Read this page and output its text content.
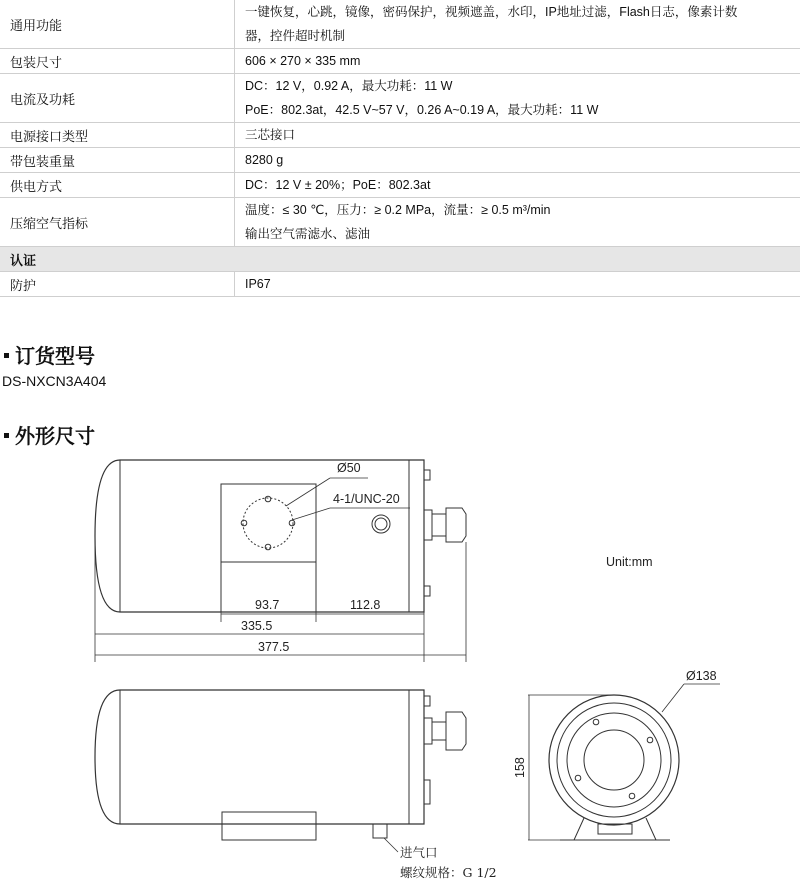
通用功能	一键恢复，心跳，镜像，密码保护，视频遮盖，水印，IP地址过滤，Flash日志，像素计数
器，控件超时机制

包装尺寸	606 × 270 × 335 mm

电流及功耗	DC：12 V，0.92 A，最大功耗：11 W
PoE：802.3at，42.5 V~57 V，0.26 A~0.19 A，最大功耗：11 W

电源接口类型	三芯接口

带包装重量	8280 g

供电方式	DC：12 V ± 20%；PoE：802.3at

压缩空气指标	温度：≤ 30 ℃，压力：≥ 0.2 MPa，流量：≥ 0.5 m³/min
输出空气需滤水、滤油

认证	
防护	IP67
订货型号
DS-NXCN3A404
外形尺寸
Ø50
4-1/UNC-20
93.7	112.8
335.5
377.5
Unit:mm
进气口
螺纹规格：G 1/2
Ø138
158
